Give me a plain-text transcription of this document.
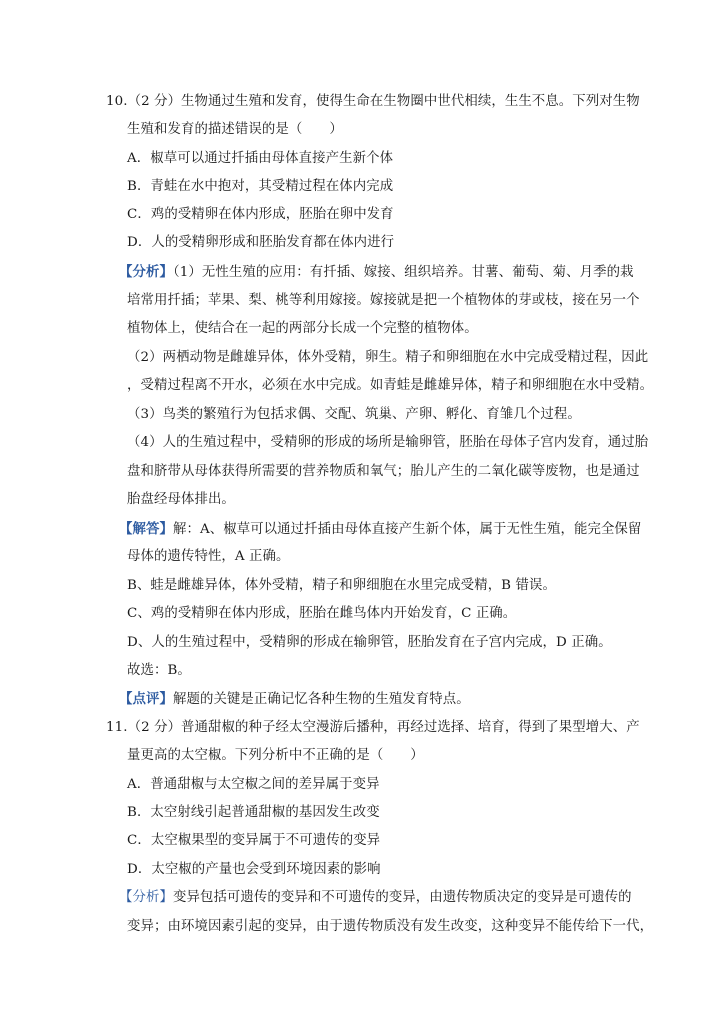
10.（2 分）生物通过生殖和发育，使得生命在生物圈中世代相续，生生不息。下列对生物
生殖和发育的描述错误的是（　　）
A．椒草可以通过扦插由母体直接产生新个体
B．青蛙在水中抱对，其受精过程在体内完成
C．鸡的受精卵在体内形成，胚胎在卵中发育
D．人的受精卵形成和胚胎发育都在体内进行
【分析】（1）无性生殖的应用：有扦插、嫁接、组织培养。甘薯、葡萄、菊、月季的栽
培常用扦插；苹果、梨、桃等利用嫁接。嫁接就是把一个植物体的芽或枝，接在另一个
植物体上，使结合在一起的两部分长成一个完整的植物体。
（2）两栖动物是雌雄异体，体外受精，卵生。精子和卵细胞在水中完成受精过程，因此
，受精过程离不开水，必须在水中完成。如青蛙是雌雄异体，精子和卵细胞在水中受精。
（3）鸟类的繁殖行为包括求偶、交配、筑巢、产卵、孵化、育雏几个过程。
（4）人的生殖过程中，受精卵的形成的场所是输卵管，胚胎在母体子宫内发育，通过胎
盘和脐带从母体获得所需要的营养物质和氧气；胎儿产生的二氧化碳等废物，也是通过
胎盘经母体排出。
【解答】解：A、椒草可以通过扦插由母体直接产生新个体，属于无性生殖，能完全保留
母体的遗传特性，A 正确。
B、蛙是雌雄异体，体外受精，精子和卵细胞在水里完成受精，B 错误。
C、鸡的受精卵在体内形成，胚胎在雌鸟体内开始发育，C 正确。
D、人的生殖过程中，受精卵的形成在输卵管，胚胎发育在子宫内完成，D 正确。
故选：B。
【点评】解题的关键是正确记忆各种生物的生殖发育特点。
11.（2 分）普通甜椒的种子经太空漫游后播种，再经过选择、培育，得到了果型增大、产
量更高的太空椒。下列分析中不正确的是（　　）
A．普通甜椒与太空椒之间的差异属于变异
B．太空射线引起普通甜椒的基因发生改变
C．太空椒果型的变异属于不可遗传的变异
D．太空椒的产量也会受到环境因素的影响
【分析】变异包括可遗传的变异和不可遗传的变异，由遗传物质决定的变异是可遗传的
变异；由环境因素引起的变异，由于遗传物质没有发生改变，这种变异不能传给下一代，
